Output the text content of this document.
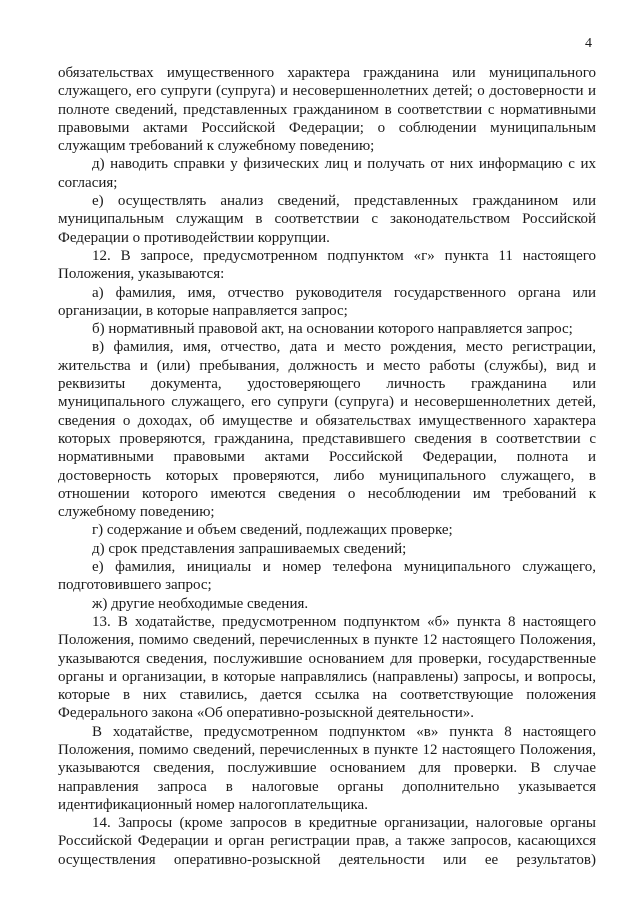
4

обязательствах имущественного характера гражданина или муниципального

служащего, его супруги (супруга) и несовершеннолетних детей; о достоверности и

полноте сведений, представленных гражданином в соответствии с нормативными

правовыми актами Российской Федерации; о соблюдении муниципальным

служащим требований к служебному поведению;

д) наводить справки у физических лиц и получать от них информацию с их

согласия;

е) осуществлять анализ сведений, представленных гражданином или

муниципальным служащим в соответствии с законодательством Российской

Федерации о противодействии коррупции.

12. В запросе, предусмотренном подпунктом «г» пункта 11 настоящего

Положения, указываются:

а) фамилия, имя, отчество руководителя государственного органа или

организации, в которые направляется запрос;

б) нормативный правовой акт, на основании которого направляется запрос;

в) фамилия, имя, отчество, дата и место рождения, место регистрации,

жительства и (или) пребывания, должность и место работы (службы), вид и

реквизиты документа, удостоверяющего личность гражданина или

муниципального служащего, его супруги (супруга) и несовершеннолетних детей,

сведения о доходах, об имуществе и обязательствах имущественного характера

которых проверяются, гражданина, представившего сведения в соответствии с

нормативными правовыми актами Российской Федерации, полнота и

достоверность которых проверяются, либо муниципального служащего, в

отношении которого имеются сведения о несоблюдении им требований к

служебному поведению;

г) содержание и объем сведений, подлежащих проверке;

д) срок представления запрашиваемых сведений;

е) фамилия, инициалы и номер телефона муниципального служащего,

подготовившего запрос;

ж) другие необходимые сведения.

13. В ходатайстве, предусмотренном подпунктом «б» пункта 8 настоящего

Положения, помимо сведений, перечисленных в пункте 12 настоящего Положения,

указываются сведения, послужившие основанием для проверки, государственные

органы и организации, в которые направлялись (направлены) запросы, и вопросы,

которые в них ставились, дается ссылка на соответствующие положения

Федерального закона «Об оперативно-розыскной деятельности».

В ходатайстве, предусмотренном подпунктом «в» пункта 8 настоящего

Положения, помимо сведений, перечисленных в пункте 12 настоящего Положения,

указываются сведения, послужившие основанием для проверки. В случае

направления запроса в налоговые органы дополнительно указывается

идентификационный номер налогоплательщика.

14. Запросы (кроме запросов в кредитные организации, налоговые органы

Российской Федерации и орган регистрации прав, а также запросов, касающихся

осуществления оперативно-розыскной деятельности или ее результатов)
